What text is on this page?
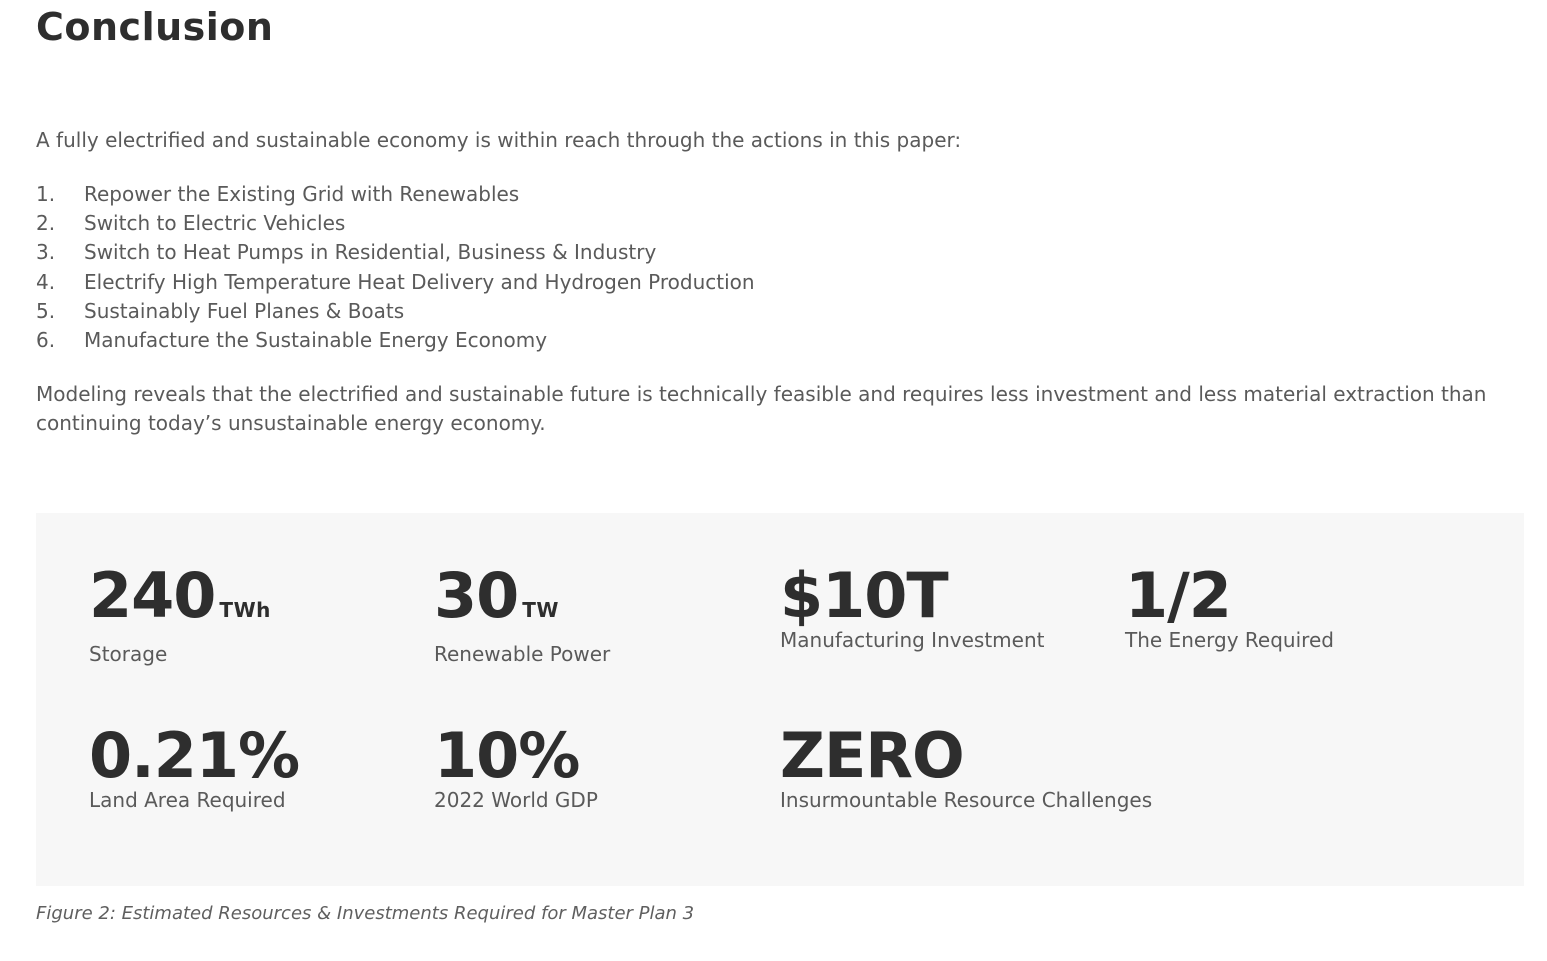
Conclusion

A fully electrified and sustainable economy is within reach through the actions in this paper:

1. Repower the Existing Grid with Renewables
2. Switch to Electric Vehicles
3. Switch to Heat Pumps in Residential, Business & Industry
4. Electrify High Temperature Heat Delivery and Hydrogen Production
5. Sustainably Fuel Planes & Boats
6. Manufacture the Sustainable Energy Economy

Modeling reveals that the electrified and sustainable future is technically feasible and requires less investment and less material extraction than continuing today’s unsustainable energy economy.

240 TWh
Storage
30 TW
Renewable Power
$10T
Manufacturing Investment
1/2
The Energy Required
0.21%
Land Area Required
10%
2022 World GDP
ZERO
Insurmountable Resource Challenges

Figure 2: Estimated Resources & Investments Required for Master Plan 3
